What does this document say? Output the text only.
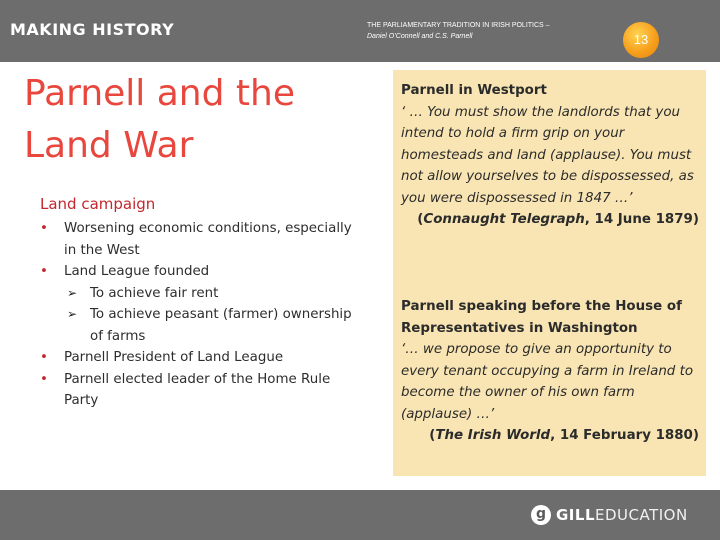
MAKING HISTORY	THE PARLIAMENTARY TRADITION IN IRISH POLITICS –
Daniel O’Connell and C.S. Parnell	13
Parnell and the
Land War
Land campaign
• Worsening economic conditions, especially in the West
• Land League founded
➢ To achieve fair rent
➢ To achieve peasant (farmer) ownership of farms
• Parnell President of Land League
• Parnell elected leader of the Home Rule Party
Parnell in Westport
‘ … You must show the landlords that you intend to hold a firm grip on your homesteads and land (applause). You must not allow yourselves to be dispossessed, as you were dispossessed in 1847 …’
(Connaught Telegraph, 14 June 1879)
Parnell speaking before the House of Representatives in Washington
‘… we propose to give an opportunity to every tenant occupying a farm in Ireland to become the owner of his own farm (applause) …’
(The Irish World, 14 February 1880)
g GILLEDUCATION
